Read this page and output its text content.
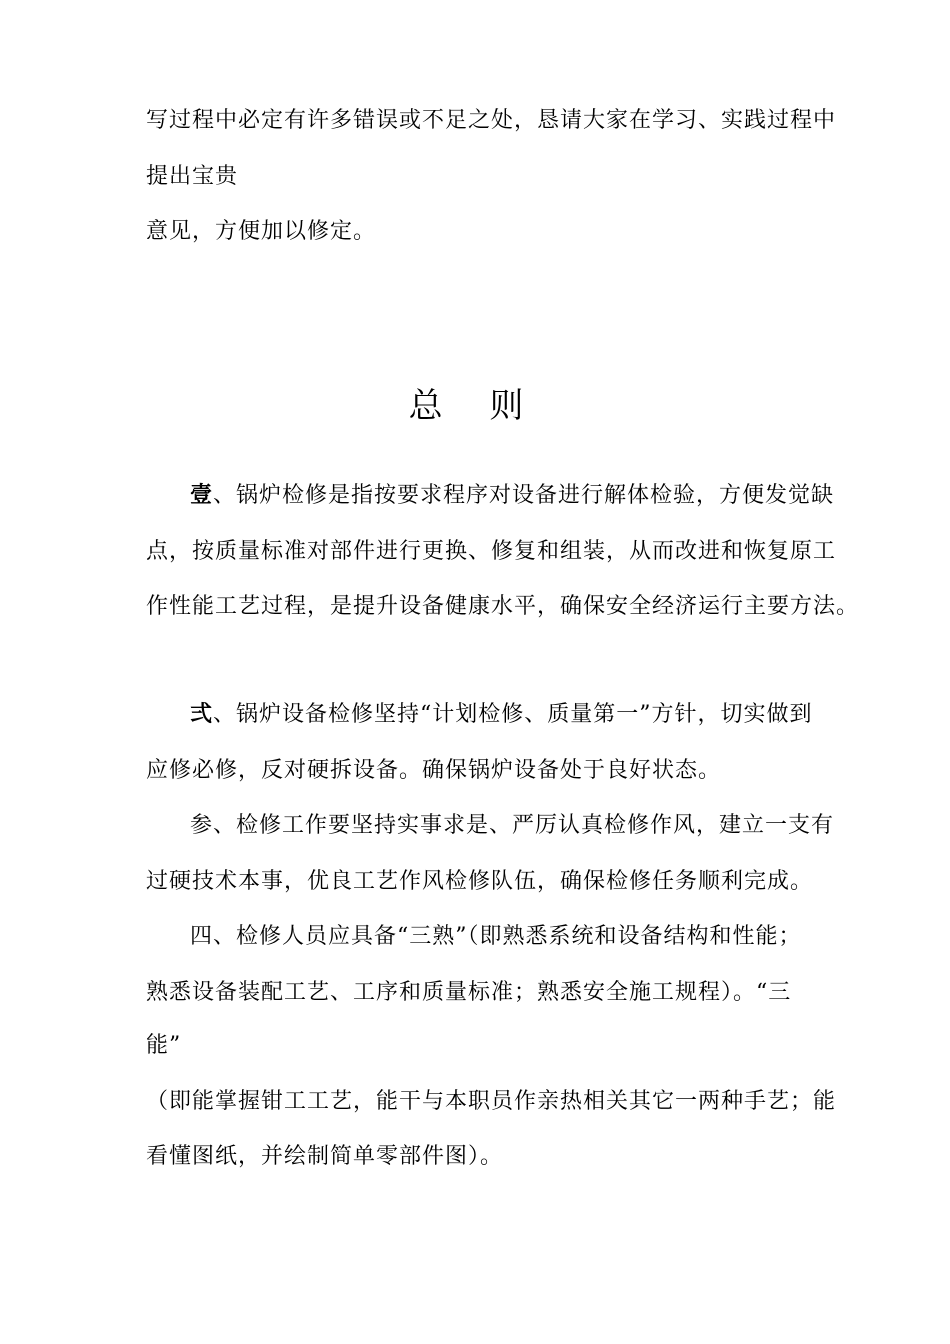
写过程中必定有许多错误或不足之处，恳请大家在学习、实践过程中
提出宝贵
意见，方便加以修定。
总 则
壹、锅炉检修是指按要求程序对设备进行解体检验，方便发觉缺
点，按质量标准对部件进行更换、修复和组装，从而改进和恢复原工
作性能工艺过程，是提升设备健康水平，确保安全经济运行主要方法。
弍、锅炉设备检修坚持“计划检修、质量第一”方针，切实做到
应修必修，反对硬拆设备。确保锅炉设备处于良好状态。
参、检修工作要坚持实事求是、严厉认真检修作风，建立一支有
过硬技术本事，优良工艺作风检修队伍，确保检修任务顺利完成。
四、检修人员应具备“三熟”（即熟悉系统和设备结构和性能；
熟悉设备装配工艺、工序和质量标准；熟悉安全施工规程）。“三
能”
（即能掌握钳工工艺，能干与本职员作亲热相关其它一两种手艺；能
看懂图纸，并绘制简单零部件图）。
